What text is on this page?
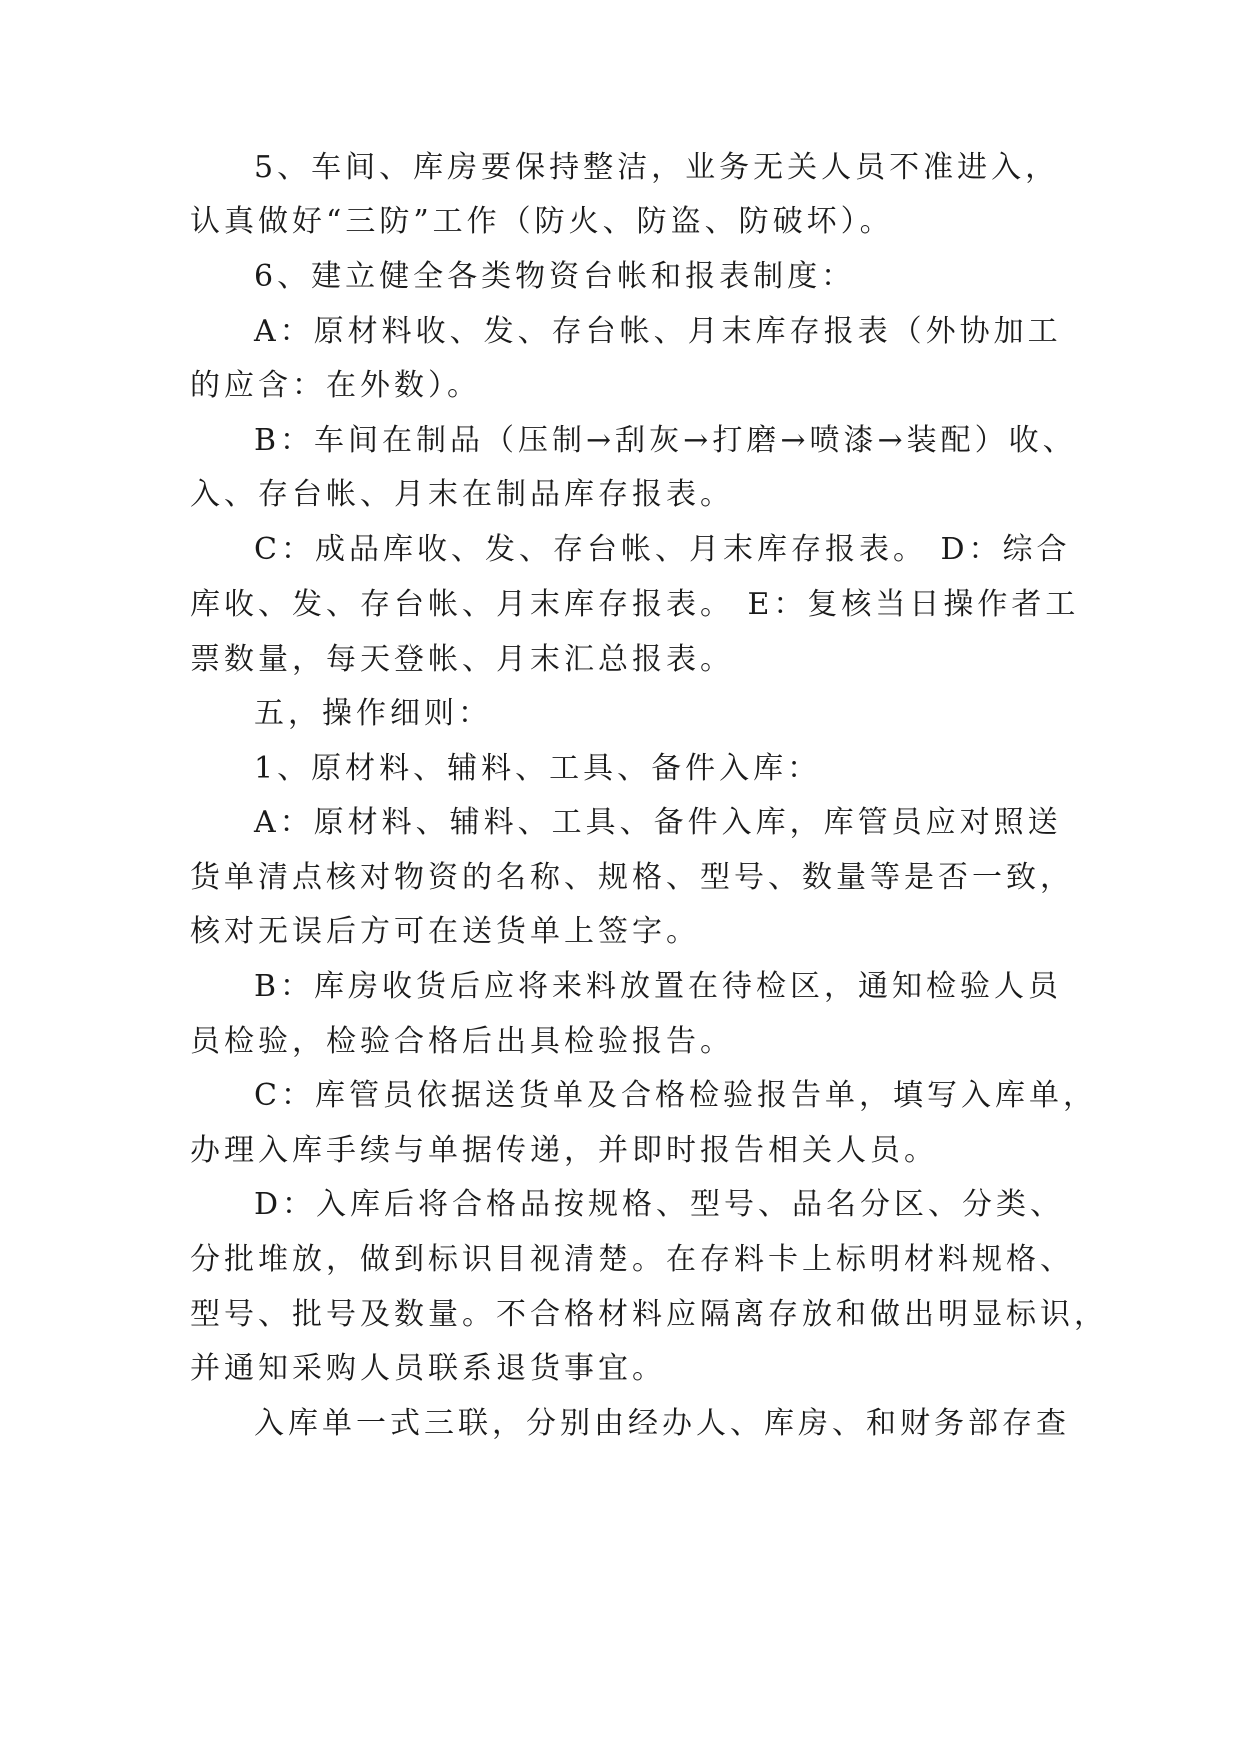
5、车间、库房要保持整洁，业务无关人员不准进入，
认真做好“三防”工作（防火、防盗、防破坏）。
6、建立健全各类物资台帐和报表制度：
A：原材料收、发、存台帐、月末库存报表（外协加工
的应含：在外数）。
B：车间在制品（压制→刮灰→打磨→喷漆→装配）收、
入、存台帐、月末在制品库存报表。
C：成品库收、发、存台帐、月末库存报表。 D：综合
库收、发、存台帐、月末库存报表。 E：复核当日操作者工
票数量，每天登帐、月末汇总报表。
五，操作细则：
1、原材料、辅料、工具、备件入库：
A：原材料、辅料、工具、备件入库，库管员应对照送
货单清点核对物资的名称、规格、型号、数量等是否一致，
核对无误后方可在送货单上签字。
B：库房收货后应将来料放置在待检区，通知检验人员
员检验，检验合格后出具检验报告。
C：库管员依据送货单及合格检验报告单，填写入库单，
办理入库手续与单据传递，并即时报告相关人员。
D：入库后将合格品按规格、型号、品名分区、分类、
分批堆放，做到标识目视清楚。在存料卡上标明材料规格、
型号、批号及数量。不合格材料应隔离存放和做出明显标识，
并通知采购人员联系退货事宜。
入库单一式三联，分别由经办人、库房、和财务部存查
